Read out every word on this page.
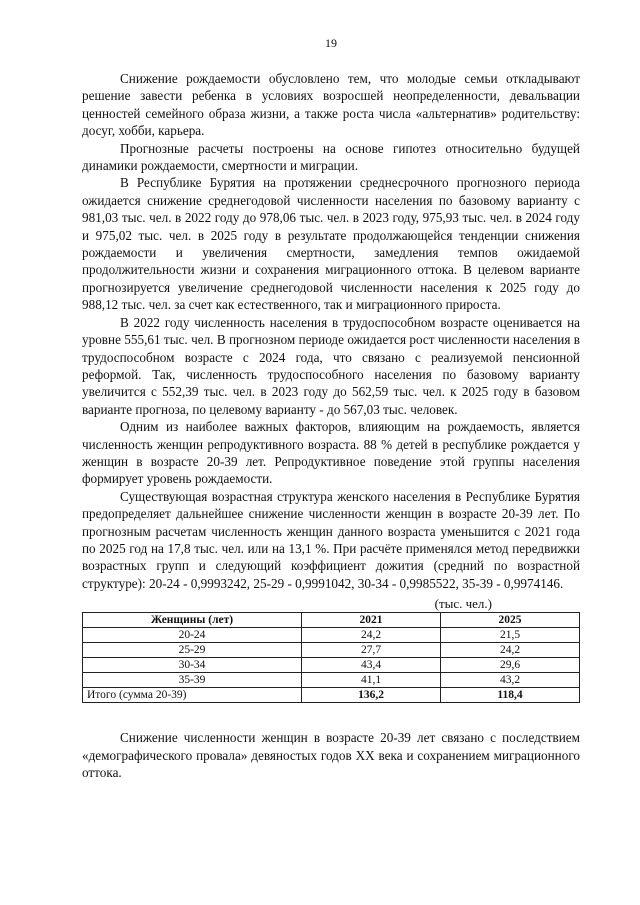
19

Снижение рождаемости обусловлено тем, что молодые семьи откладывают решение завести ребенка в условиях возросшей неопределенности, девальвации ценностей семейного образа жизни, а также роста числа «альтернатив» родительству: досуг, хобби, карьера.

Прогнозные расчеты построены на основе гипотез относительно будущей динамики рождаемости, смертности и миграции.

В Республике Бурятия на протяжении среднесрочного прогнозного периода ожидается снижение среднегодовой численности населения по базовому варианту с 981,03 тыс. чел. в 2022 году до 978,06 тыс. чел. в 2023 году, 975,93 тыс. чел. в 2024 году и 975,02 тыс. чел. в 2025 году в результате продолжающейся тенденции снижения рождаемости и увеличения смертности, замедления темпов ожидаемой продолжительности жизни и сохранения миграционного оттока. В целевом варианте прогнозируется увеличение среднегодовой численности населения к 2025 году до 988,12 тыс. чел. за счет как естественного, так и миграционного прироста.

В 2022 году численность населения в трудоспособном возрасте оценивается на уровне 555,61 тыс. чел. В прогнозном периоде ожидается рост численности населения в трудоспособном возрасте с 2024 года, что связано с реализуемой пенсионной реформой. Так, численность трудоспособного населения по базовому варианту увеличится с 552,39 тыс. чел. в 2023 году до 562,59 тыс. чел. к 2025 году в базовом варианте прогноза, по целевому варианту - до 567,03 тыс. человек.

Одним из наиболее важных факторов, влияющим на рождаемость, является численность женщин репродуктивного возраста. 88 % детей в республике рождается у женщин в возрасте 20-39 лет. Репродуктивное поведение этой группы населения формирует уровень рождаемости.

Существующая возрастная структура женского населения в Республике Бурятия предопределяет дальнейшее снижение численности женщин в возрасте 20-39 лет. По прогнозным расчетам численность женщин данного возраста уменьшится с 2021 года по 2025 год на 17,8 тыс. чел. или на 13,1 %. При расчёте применялся метод передвижки возрастных групп и следующий коэффициент дожития (средний по возрастной структуре): 20-24 - 0,9993242, 25-29 - 0,9991042, 30-34 - 0,9985522, 35-39 - 0,9974146.

(тыс. чел.)
Женщины (лет)	2021	2025
20-24	24,2	21,5
25-29	27,7	24,2
30-34	43,4	29,6
35-39	41,1	43,2
Итого (сумма 20-39)	136,2	118,4

Снижение численности женщин в возрасте 20-39 лет связано с последствием «демографического провала» девяностых годов XX века и сохранением миграционного оттока.
